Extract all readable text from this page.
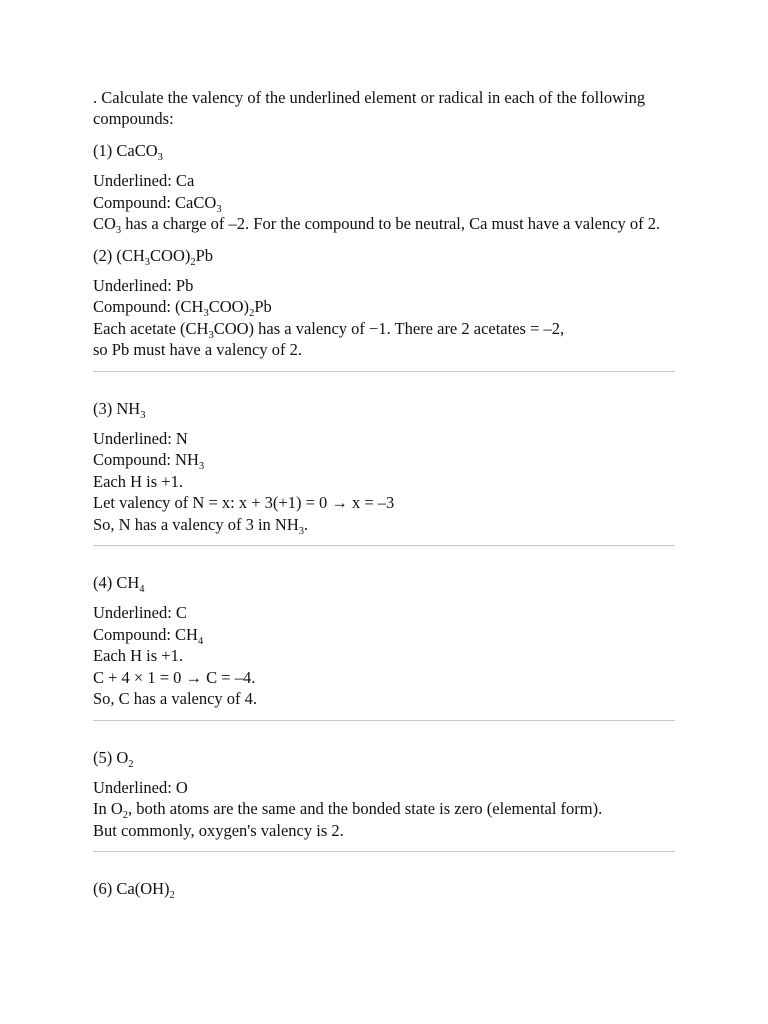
. Calculate the valency of the underlined element or radical in each of the following compounds:

(1) CaCO$_3$

Underlined: Ca

Compound: CaCO$_3$

$CO_3$ has a charge of –2. For the compound to be neutral, Ca must have a valency of 2.

(2) $(CH_3COO)_2Pb$

Underlined: Pb

Compound: $(CH_3COO)_2Pb$

Each acetate $(CH_3COO)$ has a valency of −1. There are 2 acetates = –2,

so Pb must have a valency of 2.

(3) $NH_3$

Underlined: N

Compound: $NH_3$

Each H is +1.

Let valency of N = x: x + 3(+1) = 0 → x = –3

So, N has a valency of 3 in $NH_3$.

(4) $CH_4$

Underlined: C

Compound: $CH_4$

Each H is +1.

C + 4 × 1 = 0 → C = –4.

So, C has a valency of 4.

(5) $O_2$

Underlined: O

In $O_2$, both atoms are the same and the bonded state is zero (elemental form).

But commonly, oxygen's valency is 2.

(6) $Ca(OH)_2$
